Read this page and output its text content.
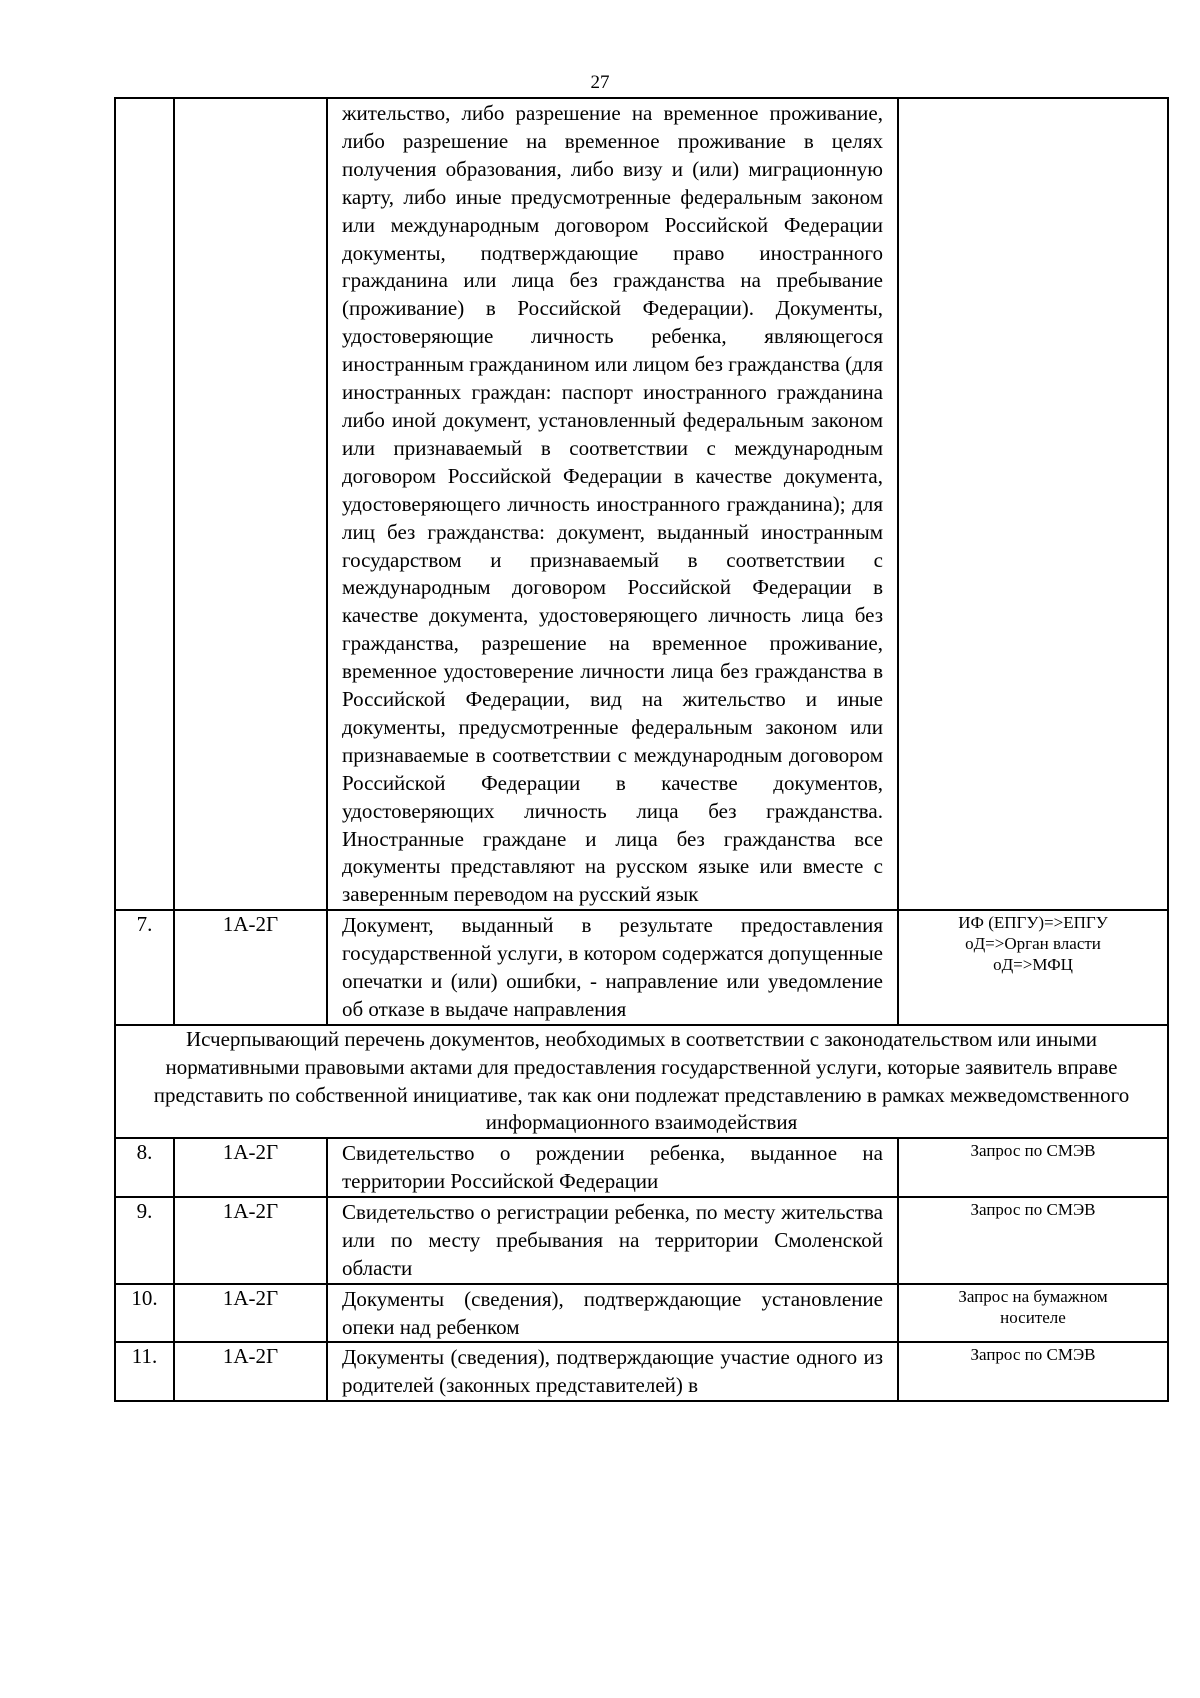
27

		жительство, либо разрешение на временное проживание, либо разрешение на временное проживание в целях получения образования, либо визу и (или) миграционную карту, либо иные предусмотренные федеральным законом или международным договором Российской Федерации документы, подтверждающие право иностранного гражданина или лица без гражданства на пребывание (проживание) в Российской Федерации). Документы, удостоверяющие личность ребенка, являющегося иностранным гражданином или лицом без гражданства (для иностранных граждан: паспорт иностранного гражданина либо иной документ, установленный федеральным законом или признаваемый в соответствии с международным договором Российской Федерации в качестве документа, удостоверяющего личность иностранного гражданина); для лиц без гражданства: документ, выданный иностранным государством и признаваемый в соответствии с международным договором Российской Федерации в качестве документа, удостоверяющего личность лица без гражданства, разрешение на временное проживание, временное удостоверение личности лица без гражданства в Российской Федерации, вид на жительство и иные документы, предусмотренные федеральным законом или признаваемые в соответствии с международным договором Российской Федерации в качестве документов, удостоверяющих личность лица без гражданства. Иностранные граждане и лица без гражданства все документы представляют на русском языке или вместе с заверенным переводом на русский язык	

7.	1А-2Г	Документ, выданный в результате предоставления государственной услуги, в котором содержатся допущенные опечатки и (или) ошибки, - направление или уведомление об отказе в выдаче направления	ИФ (ЕПГУ)=>ЕПГУ
оД=>Орган власти
оД=>МФЦ

Исчерпывающий перечень документов, необходимых в соответствии с законодательством или иными нормативными правовыми актами для предоставления государственной услуги, которые заявитель вправе представить по собственной инициативе, так как они подлежат представлению в рамках межведомственного информационного взаимодействия			
8.	1А-2Г	Свидетельство о рождении ребенка, выданное на территории Российской Федерации	Запрос по СМЭВ

9.	1А-2Г	Свидетельство о регистрации ребенка, по месту жительства или по месту пребывания на территории Смоленской области	Запрос по СМЭВ

10.	1А-2Г	Документы (сведения), подтверждающие установление опеки над ребенком	Запрос на бумажном
носителе

11.	1А-2Г	Документы (сведения), подтверждающие участие одного из родителей (законных представителей) в	Запрос по СМЭВ
